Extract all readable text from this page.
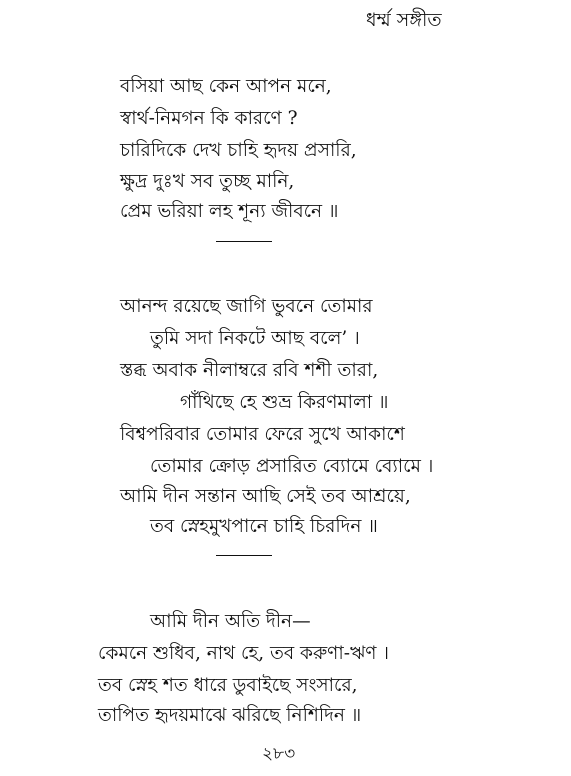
ধর্ম্ম সঙ্গীত
বসিয়া আছ কেন আপন মনে,
স্বার্থ-নিমগন কি কারণে ?
চারিদিকে দেখ চাহি হৃদয় প্রসারি,
ক্ষুদ্র দুঃখ সব তুচ্ছ মানি,
প্রেম ভরিয়া লহ শূন্য জীবনে ॥
আনন্দ রয়েছে জাগি ভুবনে তোমার
তুমি সদা নিকটে আছ বলে’ ।
স্তব্ধ অবাক নীলাম্বরে রবি শশী তারা,
গাঁথিছে হে শুভ্র কিরণমালা ॥
বিশ্বপরিবার তোমার ফেরে সুখে আকাশে
তোমার ক্রোড় প্রসারিত ব্যোমে ব্যোমে ।
আমি দীন সন্তান আছি সেই তব আশ্রয়ে,
তব স্নেহমুখপানে চাহি চিরদিন ॥
আমি দীন অতি দীন—
কেমনে শুধিব, নাথ হে, তব করুণা-ঋণ ।
তব স্নেহ শত ধারে ডুবাইছে সংসারে,
তাপিত হৃদয়মাঝে ঝরিছে নিশিদিন ॥
২৮৩
